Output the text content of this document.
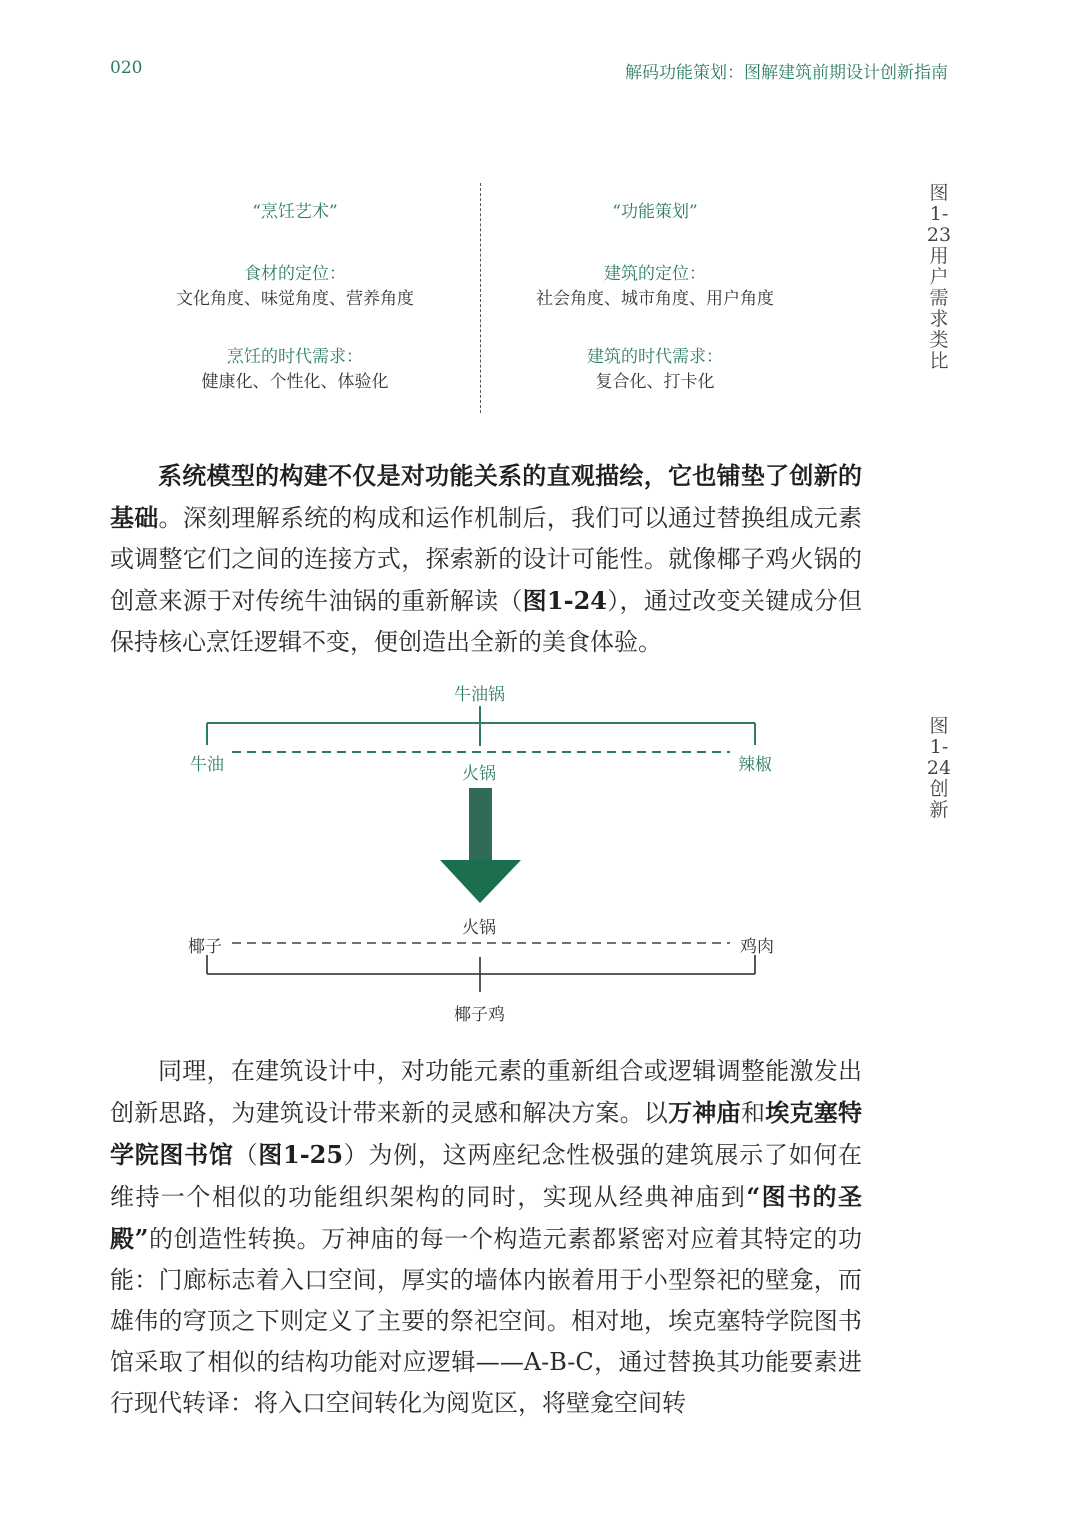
020	解码功能策划：图解建筑前期设计创新指南
“烹饪艺术”
食材的定位：
文化角度、味觉角度、营养角度
烹饪的时代需求：
健康化、个性化、体验化
“功能策划”
建筑的定位：
社会角度、城市角度、用户角度
建筑的时代需求：
复合化、打卡化
图1-23 用户需求类比

系统模型的构建不仅是对功能关系的直观描绘，它也铺垫了创新的基础。深刻理解系统的构成和运作机制后，我们可以通过替换组成元素或调整它们之间的连接方式，探索新的设计可能性。就像椰子鸡火锅的创意来源于对传统牛油锅的重新解读（图1-24），通过改变关键成分但保持核心烹饪逻辑不变，便创造出全新的美食体验。

牛油锅
牛油	火锅	辣椒
火锅
椰子	鸡肉
椰子鸡
图1-24 创新

同理，在建筑设计中，对功能元素的重新组合或逻辑调整能激发出创新思路，为建筑设计带来新的灵感和解决方案。以万神庙和埃克塞特学院图书馆（图1-25）为例，这两座纪念性极强的建筑展示了如何在维持一个相似的功能组织架构的同时，实现从经典神庙到“图书的圣殿”的创造性转换。万神庙的每一个构造元素都紧密对应着其特定的功能：门廊标志着入口空间，厚实的墙体内嵌着用于小型祭祀的壁龛，而雄伟的穹顶之下则定义了主要的祭祀空间。相对地，埃克塞特学院图书馆采取了相似的结构功能对应逻辑——A-B-C，通过替换其功能要素进行现代转译：将入口空间转化为阅览区，将壁龛空间转
